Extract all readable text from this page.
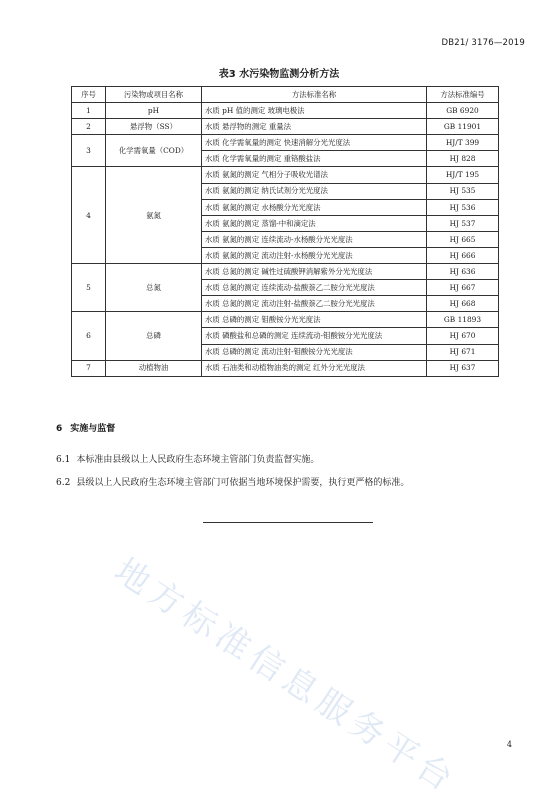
DB21/ 3176—2019
表3 水污染物监测分析方法
序号	污染物或项目名称	方法标准名称	方法标准编号
1	pH	水质 pH 值的测定 玻璃电极法	GB 6920
2	悬浮物（SS）	水质 悬浮物的测定 重量法	GB 11901
3	化学需氧量（COD）	水质 化学需氧量的测定 快速消解分光光度法	HJ/T 399
		水质 化学需氧量的测定 重铬酸盐法	HJ 828
4	氨氮	水质 氨氮的测定 气相分子吸收光谱法	HJ/T 195
		水质 氨氮的测定 纳氏试剂分光光度法	HJ 535
		水质 氨氮的测定 水杨酸分光光度法	HJ 536
		水质 氨氮的测定 蒸馏-中和滴定法	HJ 537
		水质 氨氮的测定 连续流动-水杨酸分光光度法	HJ 665
		水质 氨氮的测定 流动注射-水杨酸分光光度法	HJ 666
5	总氮	水质 总氮的测定 碱性过硫酸钾消解紫外分光光度法	HJ 636
		水质 总氮的测定 连续流动-盐酸萘乙二胺分光光度法	HJ 667
		水质 总氮的测定 流动注射-盐酸萘乙二胺分光光度法	HJ 668
6	总磷	水质 总磷的测定 钼酸铵分光光度法	GB 11893
		水质 磷酸盐和总磷的测定 连续流动-钼酸铵分光光度法	HJ 670
		水质 总磷的测定 流动注射-钼酸铵分光光度法	HJ 671
7	动植物油	水质 石油类和动植物油类的测定 红外分光光度法	HJ 637
6 实施与监督
6.1 本标准由县级以上人民政府生态环境主管部门负责监督实施。
6.2 县级以上人民政府生态环境主管部门可依据当地环境保护需要，执行更严格的标准。
地方标准信息服务平台	4
